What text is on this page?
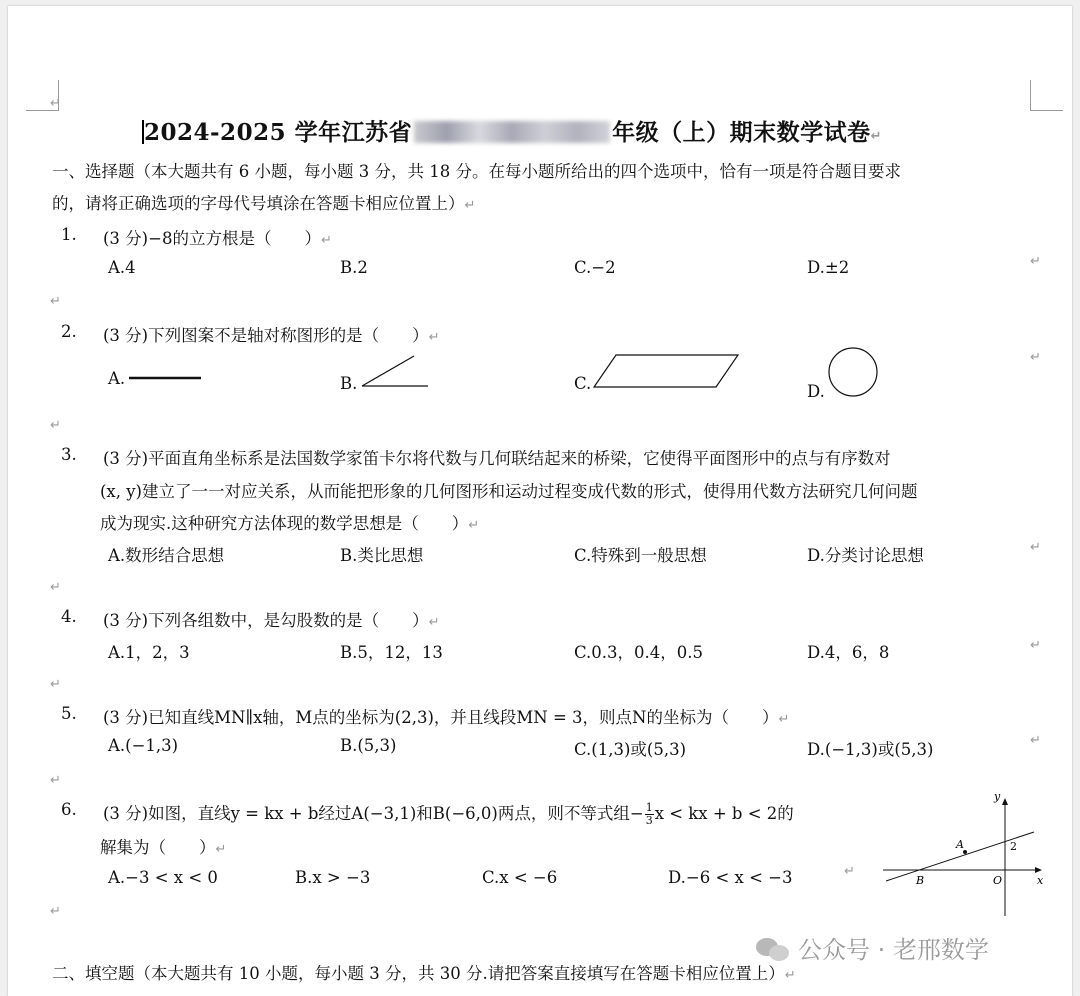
↵
2024-2025 学年江苏省	年级（上）期末数学试卷↵
一、选择题（本大题共有 6 小题，每小题 3 分，共 18 分。在每小题所给出的四个选项中，恰有一项是符合题目要求
的，请将正确选项的字母代号填涂在答题卡相应位置上）↵
1. (3 分)−8的立方根是（　　）↵
A.4	B.2	C.−2	D.±2
2. (3 分)下列图案不是轴对称图形的是（　　）↵
A.	B.	C.	D.
3. (3 分)平面直角坐标系是法国数学家笛卡尔将代数与几何联结起来的桥梁，它使得平面图形中的点与有序数对
(x, y)建立了一一对应关系，从而能把形象的几何图形和运动过程变成代数的形式，使得用代数方法研究几何问题
成为现实.这种研究方法体现的数学思想是（　　）↵
A.数形结合思想	B.类比思想	C.特殊到一般思想	D.分类讨论思想
4. (3 分)下列各组数中，是勾股数的是（　　）↵
A.1，2，3	B.5，12，13	C.0.3，0.4，0.5	D.4，6，8
5. (3 分)已知直线MN∥x轴，M点的坐标为(2,3)，并且线段MN = 3，则点N的坐标为（　　）↵
A.(−1,3)	B.(5,3)	C.(1,3)或(5,3)	D.(−1,3)或(5,3)
6. (3 分)如图，直线y = kx + b经过A(−3,1)和B(−6,0)两点，则不等式组− $\frac{1}{3}x$ < kx + b < 2的
解集为（　　）↵
A.−3 < x < 0	B.x > −3	C.x < −6	D.−6 < x < −3
y
x
A
B	O
2
↵
↵
↵
↵
↵
↵
↵
↵
↵
↵
↵
↵
公众号 · 老邢数学
二、填空题（本大题共有 10 小题，每小题 3 分，共 30 分.请把答案直接填写在答题卡相应位置上）↵
